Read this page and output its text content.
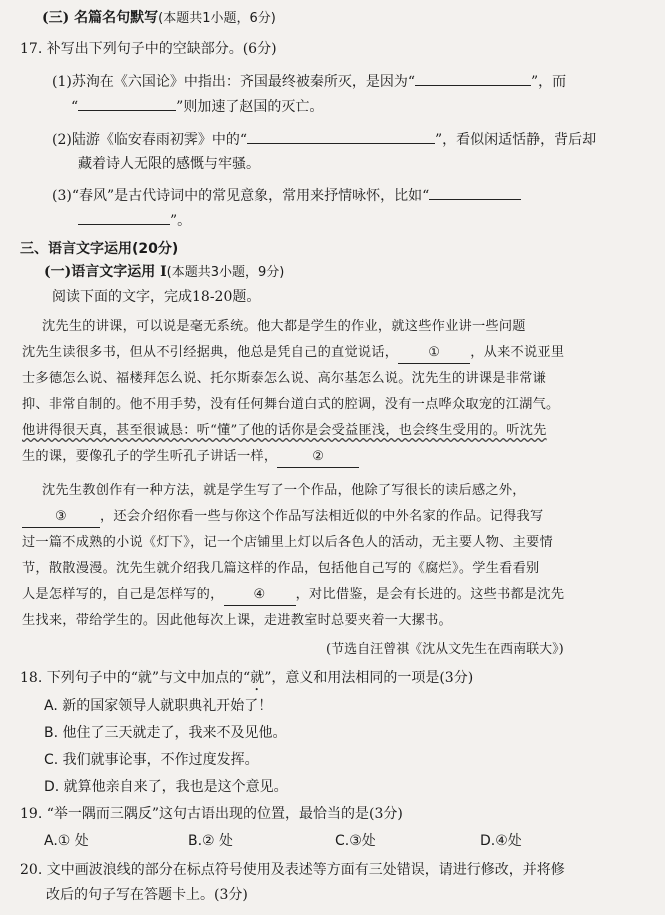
(三) 名篇名句默写(本题共1小题，6分)
17. 补写出下列句子中的空缺部分。(6分)
(1)苏洵在《六国论》中指出：齐国最终被秦所灭，是因为“	”，而
“	”则加速了赵国的灭亡。
(2)陆游《临安春雨初霁》中的“	”，看似闲适恬静，背后却
藏着诗人无限的感慨与牢骚。
(3)“春风”是古代诗词中的常见意象，常用来抒情咏怀，比如“
”。
三、语言文字运用(20分)
(一)语言文字运用 I(本题共3小题，9分)
阅读下面的文字，完成18-20题。
沈先生的讲课，可以说是毫无系统。他大都是学生的作业，就这些作业讲一些问题
沈先生读很多书，但从不引经据典，他总是凭自己的直觉说话， ① ，从来不说亚里
士多德怎么说、福楼拜怎么说、托尔斯泰怎么说、高尔基怎么说。沈先生的讲课是非常谦
抑、非常自制的。他不用手势，没有任何舞台道白式的腔调，没有一点哗众取宠的江湖气。
他讲得很天真，甚至很诚恳：听“懂”了他的话你是会受益匪浅，也会终生受用的。听沈先
生的课，要像孔子的学生听孔子讲话一样，	②
沈先生教创作有一种方法，就是学生写了一个作品，他除了写很长的读后感之外，
③ ，还会介绍你看一些与你这个作品写法相近似的中外名家的作品。记得我写
过一篇不成熟的小说《灯下》，记一个店铺里上灯以后各色人的活动，无主要人物、主要情
节，散散漫漫。沈先生就介绍我几篇这样的作品，包括他自己写的《腐烂》。学生看看别
人是怎样写的，自己是怎样写的， ④ ，对比借鉴，是会有长进的。这些书都是沈先
生找来，带给学生的。因此他每次上课，走进教室时总要夹着一大摞书。
(节选自汪曾祺《沈从文先生在西南联大》)
18. 下列句子中的“就”与文中加点的“就”，意义和用法相同的一项是(3分)
A. 新的国家领导人就职典礼开始了！
B. 他住了三天就走了，我来不及见他。
C. 我们就事论事，不作过度发挥。
D. 就算他亲自来了，我也是这个意见。
19. “举一隅而三隅反”这句古语出现的位置，最恰当的是(3分)
A.① 处	B.② 处	C.③处	D.④处
20. 文中画波浪线的部分在标点符号使用及表述等方面有三处错误，请进行修改，并将修
改后的句子写在答题卡上。(3分)
